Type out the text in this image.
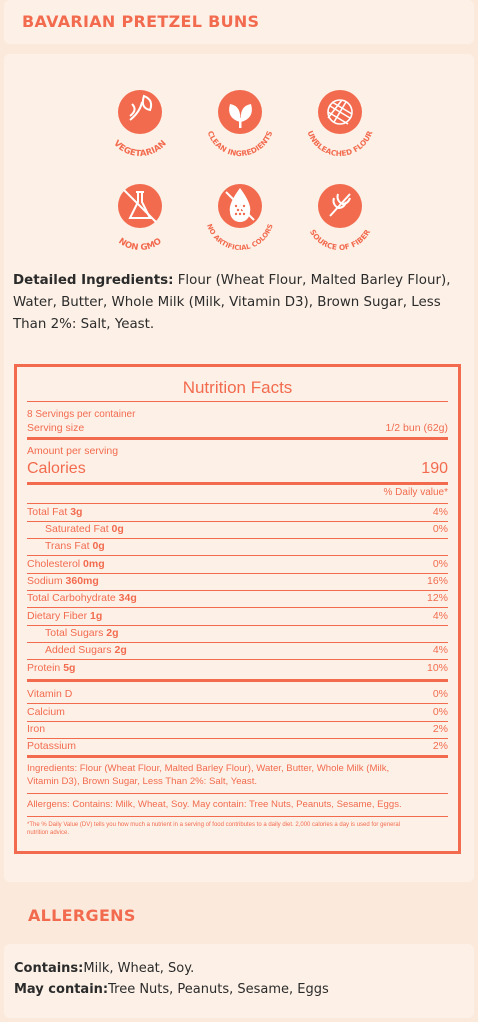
BAVARIAN PRETZEL BUNS
VEGETARIAN
CLEAN INGREDIENTS	UNBLEACHED FLOUR
NON GMO
NO ARTIFICIAL COLORS
SOURCE OF FIBER
Detailed Ingredients: Flour (Wheat Flour, Malted Barley Flour), Water, Butter, Whole Milk (Milk, Vitamin D3), Brown Sugar, Less Than 2%: Salt, Yeast.
Nutrition Facts
8 Servings per container
Serving size	1/2 bun (62g)
Amount per serving
Calories	190
% Daily value*
Total Fat 3g	4%
Saturated Fat 0g	0%
Trans Fat 0g
Cholesterol 0mg	0%
Sodium 360mg	16%
Total Carbohydrate 34g	12%
Dietary Fiber 1g	4%
Total Sugars 2g
Added Sugars 2g	4%
Protein 5g	10%
Vitamin D	0%
Calcium	0%
Iron	2%
Potassium	2%
Ingredients: Flour (Wheat Flour, Malted Barley Flour), Water, Butter, Whole Milk (Milk,
Vitamin D3), Brown Sugar, Less Than 2%: Salt, Yeast.
Allergens: Contains: Milk, Wheat, Soy. May contain: Tree Nuts, Peanuts, Sesame, Eggs.
*The % Daily Value (DV) tells you how much a nutrient in a serving of food contributes to a daily diet. 2,000 calories a day is used for general
nutrition advice.
ALLERGENS
Contains:Milk, Wheat, Soy.
May contain:Tree Nuts, Peanuts, Sesame, Eggs
